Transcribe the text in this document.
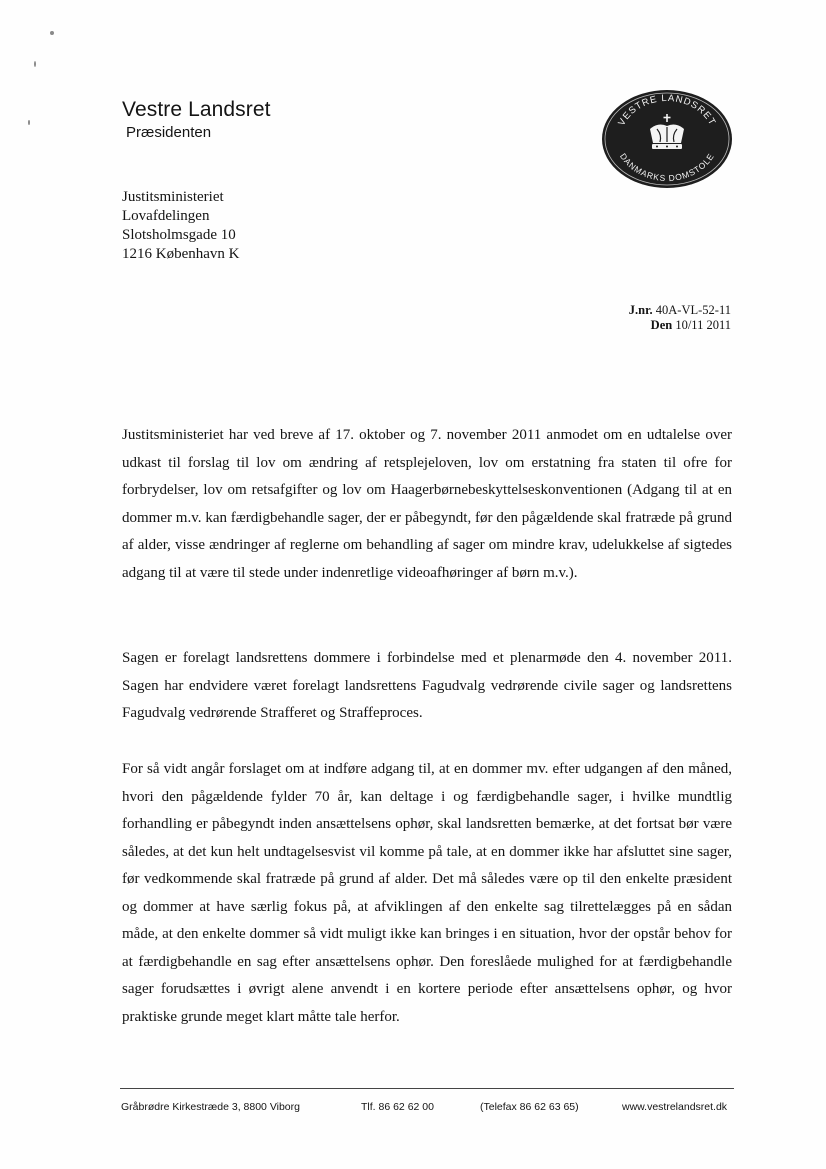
Vestre Landsret
Præsidenten
VESTRE LANDSRET
DANMARKS DOMSTOLE
Justitsministeriet
Lovafdelingen
Slotsholmsgade 10
1216 København K
J.nr. 40A-VL-52-11
Den 10/11 2011
Justitsministeriet har ved breve af 17. oktober og 7. november 2011 anmodet om en udtalelse over udkast til forslag til lov om ændring af retsplejeloven, lov om erstatning fra staten til ofre for forbrydelser, lov om retsafgifter og lov om Haagerbørnebeskyttelseskonventionen (Adgang til at en dommer m.v. kan færdigbehandle sager, der er påbegyndt, før den pågældende skal fratræde på grund af alder, visse ændringer af reglerne om behandling af sager om mindre krav, udelukkelse af sigtedes adgang til at være til stede under indenretlige videoafhøringer af børn m.v.).
Sagen er forelagt landsrettens dommere i forbindelse med et plenarmøde den 4. november 2011. Sagen har endvidere været forelagt landsrettens Fagudvalg vedrørende civile sager og landsrettens Fagudvalg vedrørende Strafferet og Straffeproces.
For så vidt angår forslaget om at indføre adgang til, at en dommer mv. efter udgangen af den måned, hvori den pågældende fylder 70 år, kan deltage i og færdigbehandle sager, i hvilke mundtlig forhandling er påbegyndt inden ansættelsens ophør, skal landsretten bemærke, at det fortsat bør være således, at det kun helt undtagelsesvist vil komme på tale, at en dommer ikke har afsluttet sine sager, før vedkommende skal fratræde på grund af alder. Det må således være op til den enkelte præsident og dommer at have særlig fokus på, at afviklingen af den enkelte sag tilrettelægges på en sådan måde, at den enkelte dommer så vidt muligt ikke kan bringes i en situation, hvor der opstår behov for at færdigbehandle en sag efter ansættelsens ophør. Den foreslåede mulighed for at færdigbehandle sager forudsættes i øvrigt alene anvendt i en kortere periode efter ansættelsens ophør, og hvor praktiske grunde meget klart måtte tale herfor.
Gråbrødre Kirkestræde 3, 8800 Viborg	Tlf. 86 62 62 00	(Telefax 86 62 63 65)	www.vestrelandsret.dk
